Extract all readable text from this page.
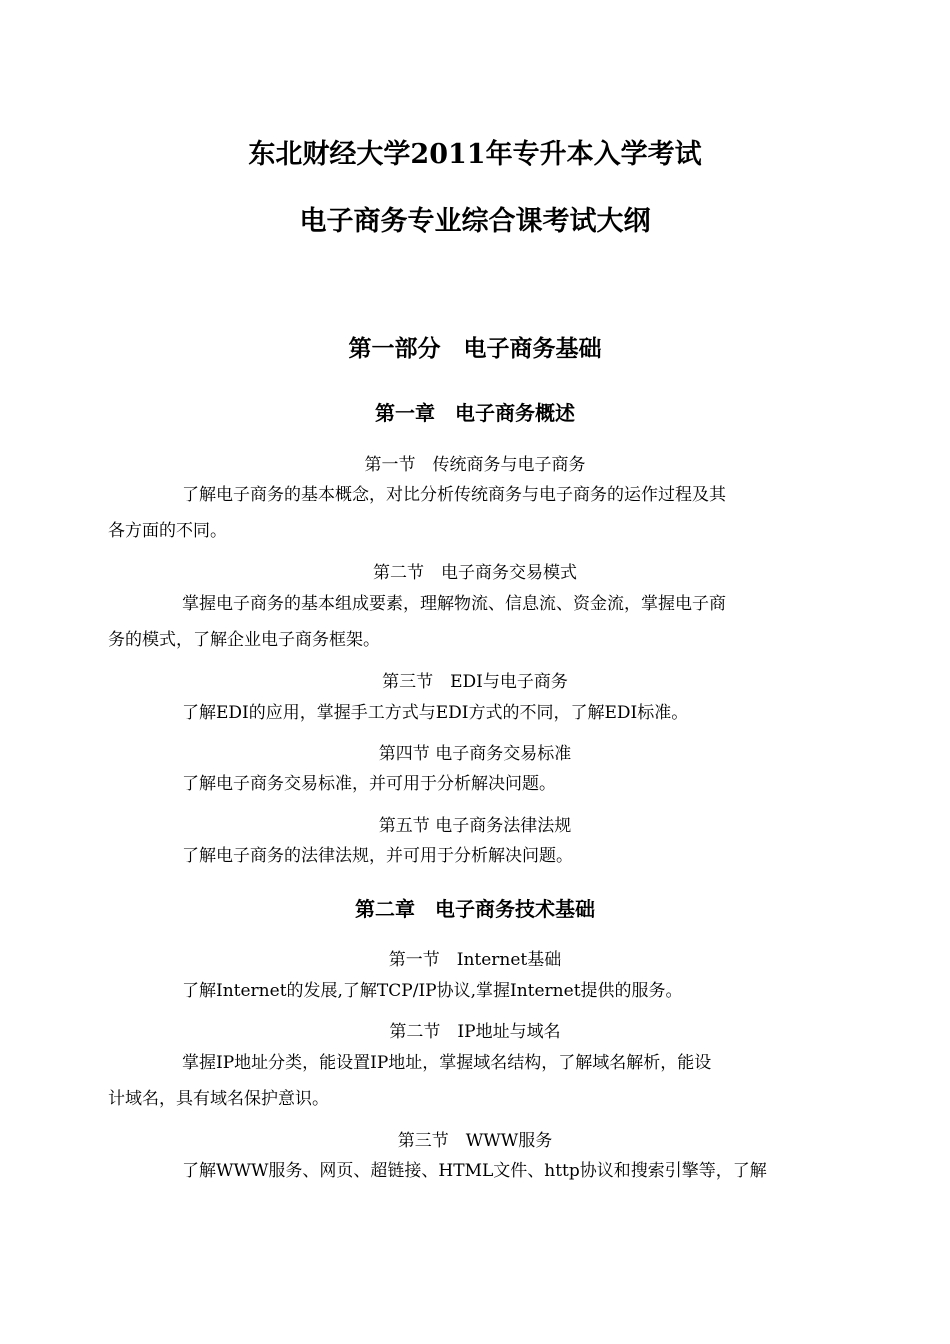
东北财经大学2011年专升本入学考试
电子商务专业综合课考试大纲
第一部分　电子商务基础
第一章　电子商务概述
第一节　传统商务与电子商务
了解电子商务的基本概念，对比分析传统商务与电子商务的运作过程及其
各方面的不同。
第二节　电子商务交易模式
掌握电子商务的基本组成要素，理解物流、信息流、资金流，掌握电子商
务的模式，了解企业电子商务框架。
第三节　EDI与电子商务
了解EDI的应用，掌握手工方式与EDI方式的不同，了解EDI标准。
第四节 电子商务交易标准
了解电子商务交易标准，并可用于分析解决问题。
第五节 电子商务法律法规
了解电子商务的法律法规，并可用于分析解决问题。
第二章　电子商务技术基础
第一节　Internet基础
了解Internet的发展,了解TCP/IP协议,掌握Internet提供的服务。
第二节　IP地址与域名
掌握IP地址分类，能设置IP地址，掌握域名结构，了解域名解析，能设
计域名，具有域名保护意识。
第三节　WWW服务
了解WWW服务、网页、超链接、HTML文件、http协议和搜索引擎等，了解
